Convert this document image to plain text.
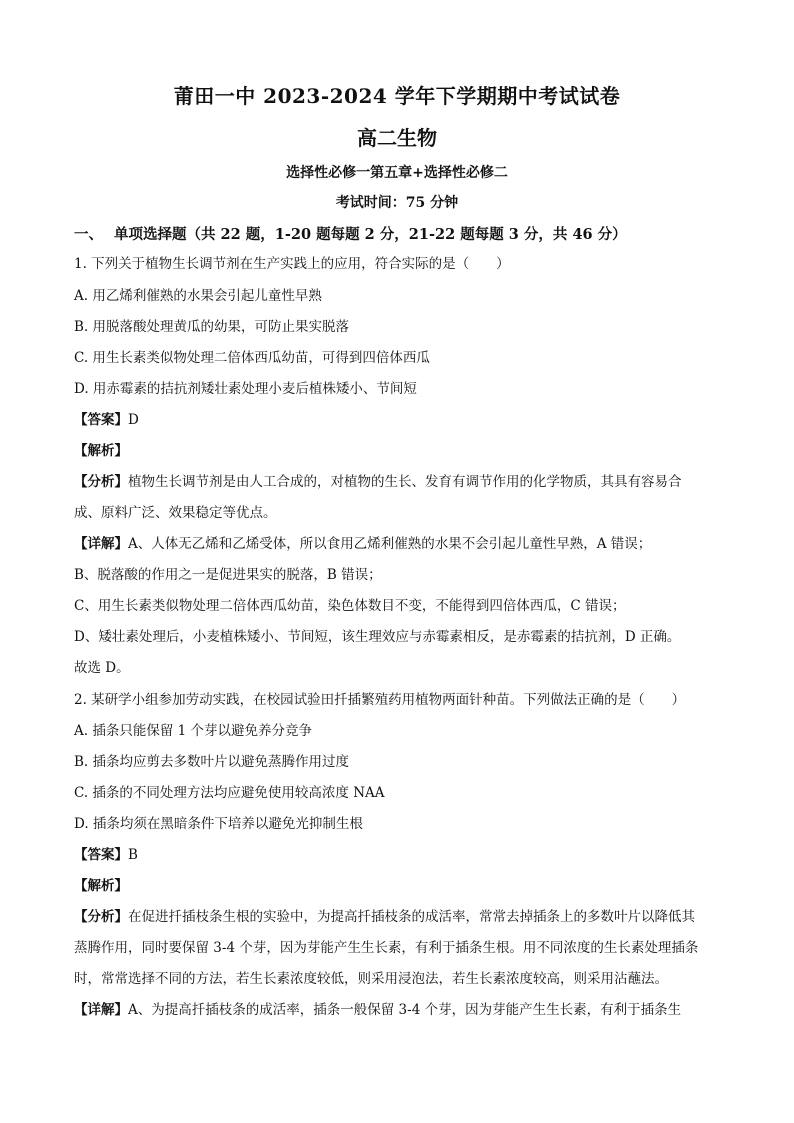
莆田一中 2023-2024 学年下学期期中考试试卷
高二生物
选择性必修一第五章+选择性必修二
考试时间：75 分钟
一、 单项选择题（共 22 题，1-20 题每题 2 分，21-22 题每题 3 分，共 46 分）
1. 下列关于植物生长调节剂在生产实践上的应用，符合实际的是（　　）
A. 用乙烯利催熟的水果会引起儿童性早熟
B. 用脱落酸处理黄瓜的幼果，可防止果实脱落
C. 用生长素类似物处理二倍体西瓜幼苗，可得到四倍体西瓜
D. 用赤霉素的拮抗剂矮壮素处理小麦后植株矮小、节间短
【答案】D
【解析】
【分析】植物生长调节剂是由人工合成的，对植物的生长、发育有调节作用的化学物质，其具有容易合
成、原料广泛、效果稳定等优点。
【详解】A、人体无乙烯和乙烯受体，所以食用乙烯利催熟的水果不会引起儿童性早熟，A 错误；
B、脱落酸的作用之一是促进果实的脱落，B 错误；
C、用生长素类似物处理二倍体西瓜幼苗，染色体数目不变，不能得到四倍体西瓜，C 错误；
D、矮壮素处理后，小麦植株矮小、节间短，该生理效应与赤霉素相反，是赤霉素的拮抗剂，D 正确。
故选 D。
2. 某研学小组参加劳动实践，在校园试验田扦插繁殖药用植物两面针种苗。下列做法正确的是（　　）
A. 插条只能保留 1 个芽以避免养分竞争
B. 插条均应剪去多数叶片以避免蒸腾作用过度
C. 插条的不同处理方法均应避免使用较高浓度 NAA
D. 插条均须在黑暗条件下培养以避免光抑制生根
【答案】B
【解析】
【分析】在促进扦插枝条生根的实验中，为提高扦插枝条的成活率，常常去掉插条上的多数叶片以降低其
蒸腾作用，同时要保留 3-4 个芽，因为芽能产生生长素，有利于插条生根。用不同浓度的生长素处理插条
时，常常选择不同的方法，若生长素浓度较低，则采用浸泡法，若生长素浓度较高，则采用沾蘸法。
【详解】A、为提高扦插枝条的成活率，插条一般保留 3-4 个芽，因为芽能产生生长素，有利于插条生
